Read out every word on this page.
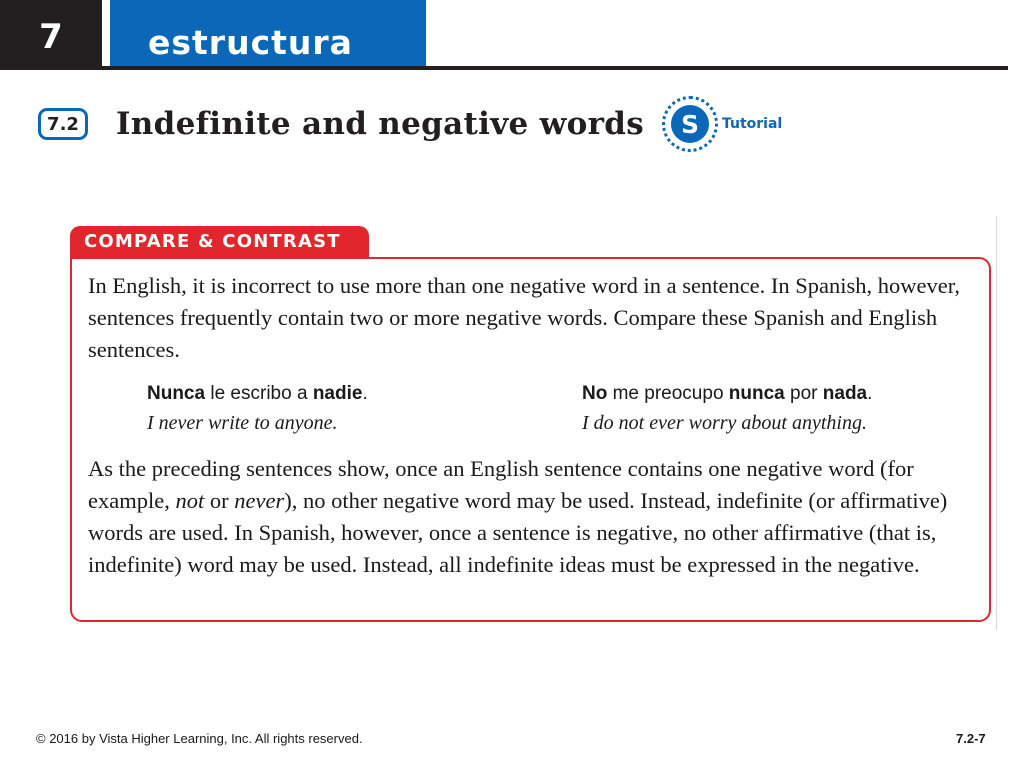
7	estructura
7.2 Indefinite and negative words	S	Tutorial
COMPARE & CONTRAST

In English, it is incorrect to use more than one negative word in a sentence. In Spanish, however, sentences frequently contain two or more negative words. Compare these Spanish and English sentences.

Nunca le escribo a nadie.
I never write to anyone.
No me preocupo nunca por nada.
I do not ever worry about anything.

As the preceding sentences show, once an English sentence contains one negative word (for example, not or never), no other negative word may be used. Instead, indefinite (or affirmative) words are used. In Spanish, however, once a sentence is negative, no other affirmative (that is, indefinite) word may be used. Instead, all indefinite ideas must be expressed in the negative.

© 2016 by Vista Higher Learning, Inc. All rights reserved.	7.2-7
